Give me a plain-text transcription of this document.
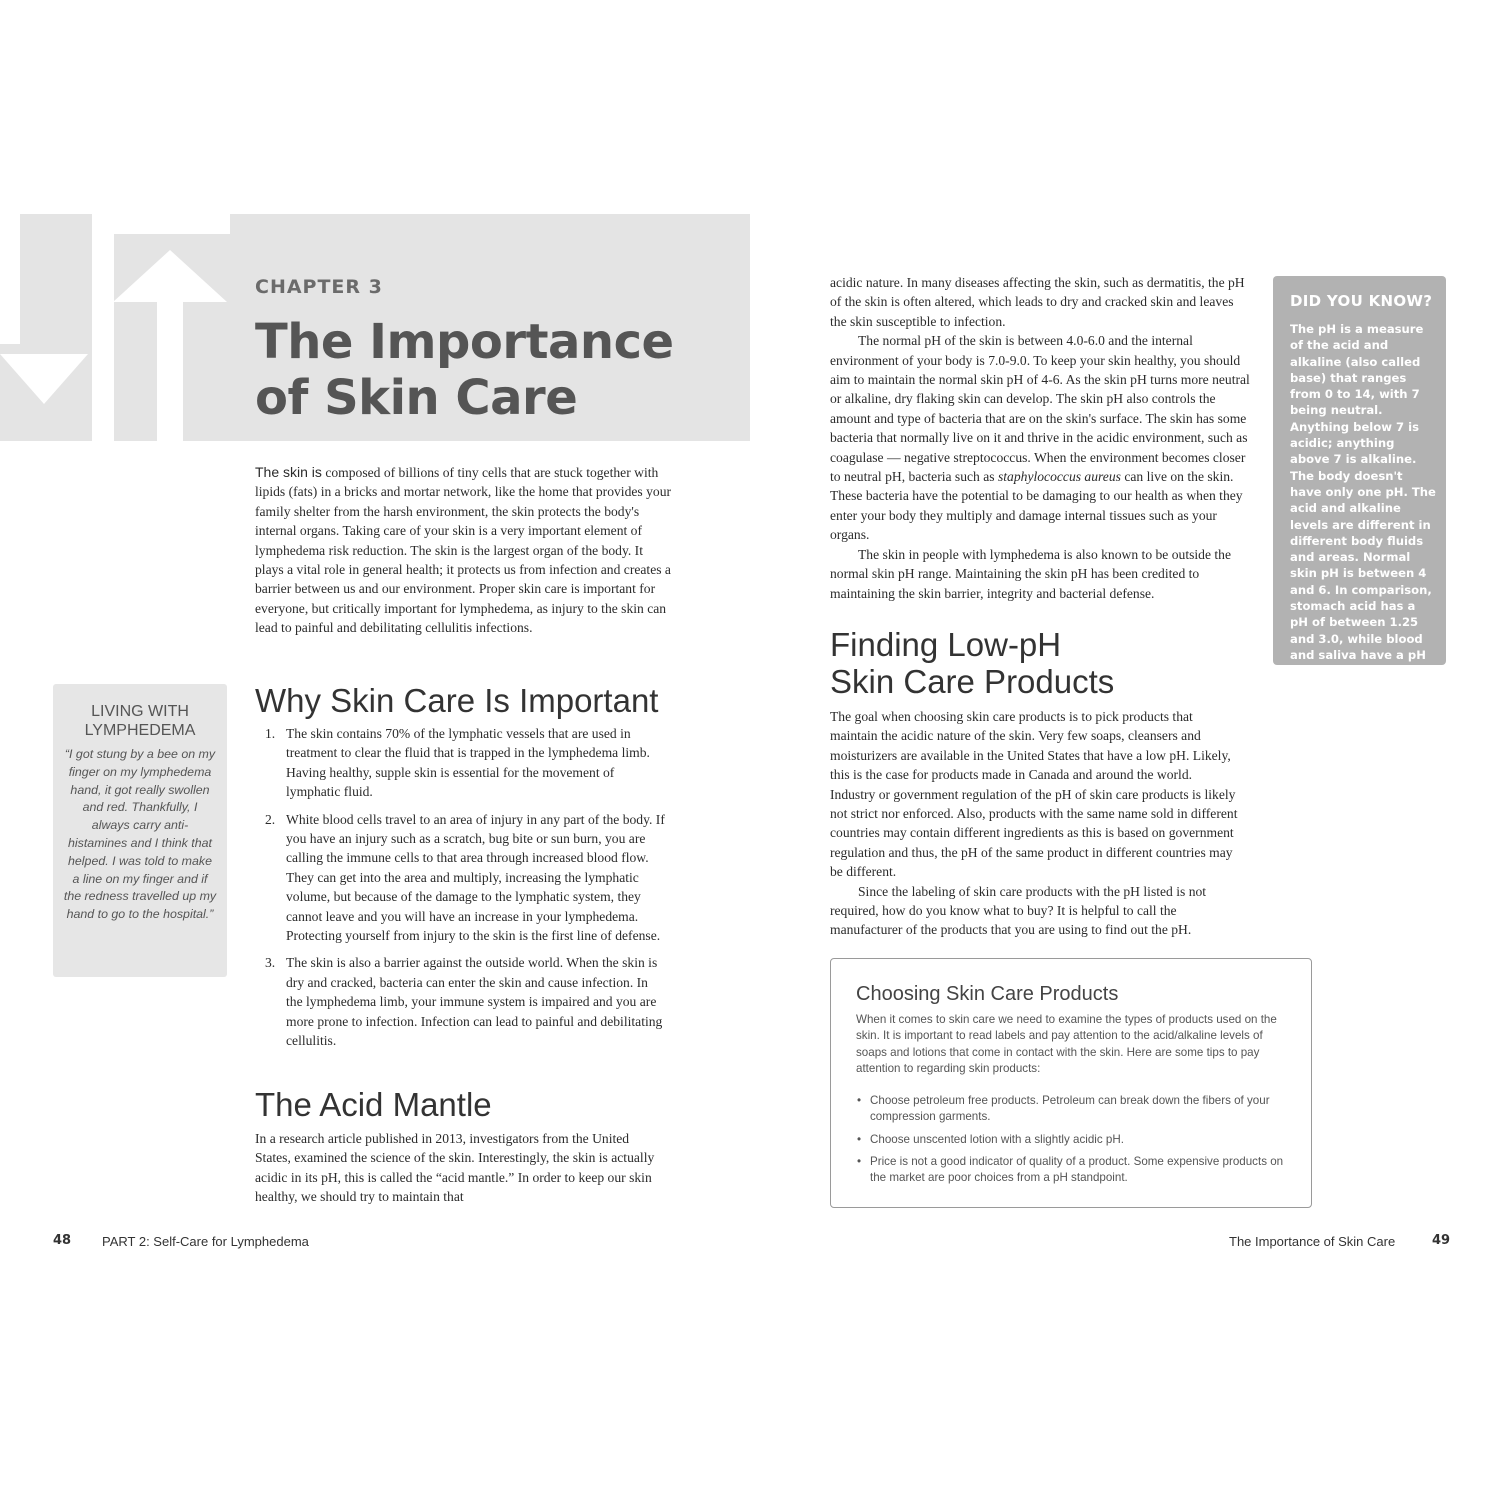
CHAPTER 3
The Importance
of Skin Care

The skin is composed of billions of tiny cells that are stuck together with lipids (fats) in a bricks and mortar network, like the home that provides your family shelter from the harsh environment, the skin protects the body's internal organs. Taking care of your skin is a very important element of lymphedema risk reduction. The skin is the largest organ of the body. It plays a vital role in general health; it protects us from infection and creates a barrier between us and our environment. Proper skin care is important for everyone, but critically important for lymphedema, as injury to the skin can lead to painful and debilitating cellulitis infections.

Why Skin Care Is Important
1. The skin contains 70% of the lymphatic vessels that are used in treatment to clear the fluid that is trapped in the lymphedema limb. Having healthy, supple skin is essential for the movement of lymphatic fluid.
2. White blood cells travel to an area of injury in any part of the body. If you have an injury such as a scratch, bug bite or sun burn, you are calling the immune cells to that area through increased blood flow. They can get into the area and multiply, increasing the lymphatic volume, but because of the damage to the lymphatic system, they cannot leave and you will have an increase in your lymphedema. Protecting yourself from injury to the skin is the first line of defense.
3. The skin is also a barrier against the outside world. When the skin is dry and cracked, bacteria can enter the skin and cause infection. In the lymphedema limb, your immune system is impaired and you are more prone to infection. Infection can lead to painful and debilitating cellulitis.
The Acid Mantle

In a research article published in 2013, investigators from the United States, examined the science of the skin. Interestingly, the skin is actually acidic in its pH, this is called the “acid mantle.” In order to keep our skin healthy, we should try to maintain that

LIVING WITH
LYMPHEDEMA
“I got stung by a bee on my finger on my lymphedema hand, it got really swollen and red. Thankfully, I always carry anti-histamines and I think that helped. I was told to make a line on my finger and if the redness travelled up my hand to go to the hospital.”
48 PART 2: Self-Care for Lymphedema

acidic nature. In many diseases affecting the skin, such as dermatitis, the pH of the skin is often altered, which leads to dry and cracked skin and leaves the skin susceptible to infection.

The normal pH of the skin is between 4.0-6.0 and the internal environment of your body is 7.0-9.0. To keep your skin healthy, you should aim to maintain the normal skin pH of 4-6. As the skin pH turns more neutral or alkaline, dry flaking skin can develop. The skin pH also controls the amount and type of bacteria that are on the skin's surface. The skin has some bacteria that normally live on it and thrive in the acidic environment, such as coagulase — negative streptococcus. When the environment becomes closer to neutral pH, bacteria such as staphylococcus aureus can live on the skin. These bacteria have the potential to be damaging to our health as when they enter your body they multiply and damage internal tissues such as your organs.

The skin in people with lymphedema is also known to be outside the normal skin pH range. Maintaining the skin pH has been credited to maintaining the skin barrier, integrity and bacterial defense.

Finding Low-pH
Skin Care Products

The goal when choosing skin care products is to pick products that maintain the acidic nature of the skin. Very few soaps, cleansers and moisturizers are available in the United States that have a low pH. Likely, this is the case for products made in Canada and around the world. Industry or government regulation of the pH of skin care products is likely not strict nor enforced. Also, products with the same name sold in different countries may contain different ingredients as this is based on government regulation and thus, the pH of the same product in different countries may be different.

Since the labeling of skin care products with the pH listed is not required, how do you know what to buy? It is helpful to call the manufacturer of the products that you are using to find out the pH.

DID YOU KNOW?
The pH is a measure of the acid and alkaline (also called base) that ranges from 0 to 14, with 7 being neutral. Anything below 7 is acidic; anything above 7 is alkaline. The body doesn't have only one pH. The acid and alkaline levels are different in different body fluids and areas. Normal skin pH is between 4 and 6. In comparison, stomach acid has a pH of between 1.25 and 3.0, while blood and saliva have a pH of 7.4.
Choosing Skin Care Products

When it comes to skin care we need to examine the types of products used on the skin. It is important to read labels and pay attention to the acid/alkaline levels of soaps and lotions that come in contact with the skin. Here are some tips to pay attention to regarding skin products:

• Choose petroleum free products. Petroleum can break down the fibers of your compression garments.
• Choose unscented lotion with a slightly acidic pH.
• Price is not a good indicator of quality of a product. Some expensive products on the market are poor choices from a pH standpoint.
The Importance of Skin Care	49
